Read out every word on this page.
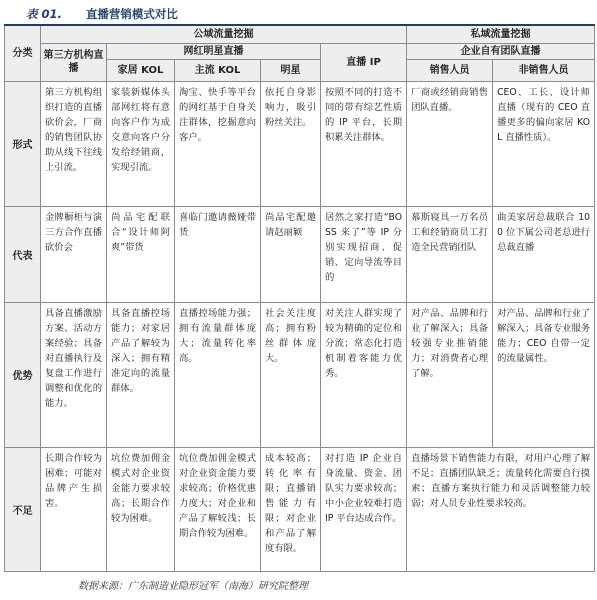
表 01. 直播营销模式对比
分类	公域流量挖掘					私域流量挖掘	
	第三方机构直播	网红明星直播			直播 IP	企业自有团队直播	
		家居 KOL	主流 KOL	明星		销售人员	非销售人员
形式	第三方机构组织打造的直播砍价会，厂商的销售团队协助从线下往线上引流。	家装新媒体头部网红将有意向客户作为成交意向客户分发给经销商，实现引流。	淘宝、快手等平台的网红基于自身关注群体，挖掘意向客户。	依托自身影响力，吸引粉丝关注。	按照不同的打造不同的带有综艺性质的 IP 平台，长期积累关注群体。	厂商或经销商销售团队直播。	CEO、工长、设计师直播（现有的 CEO 直播更多的偏向家居 KOL 直播性质）。
代表	金牌橱柜与演三方合作直播砍价会	尚品宅配联合“设计师阿爽”带货	喜临门邀请薇娅带货	尚品宅配邀请赵丽颖	居然之家打造“BOSS 来了”等 IP 分别实现招商、促销、定向导流等目的	慕斯寝具一万名员工和经销商员工打造全民营销团队	曲美家居总裁联合 100 位下属公司老总进行总裁直播
优势	具备直播激励方案、活动方案经验；具备对直播执行及复盘工作进行调整和优化的能力。	具备直播控场能力；对家居产品了解较为深入；拥有精准定向的流量群体。	直播控场能力强；拥有流量群体庞大；流量转化率高。	社会关注度高；拥有粉丝群体庞大。	对关注人群实现了较为精确的定位和分流；常态化打造机制着客能力优秀。	对产品、品牌和行业了解深入；具备较强专业推销能力；对消费者心理了解。	对产品、品牌和行业了解深入；具备专业服务能力；CEO 自带一定的流量属性。
不足	长期合作较为困难；可能对品牌产生损害。	坑位费加佣金模式对企业资金能力要求较高；长期合作较为困难。	坑位费加佣金模式对企业资金能力要求较高；价格优惠力度大；对企业和产品了解较浅；长期合作较为困难。	成本较高；转化率有限；直播销售能力有限；对企业和产品了解度有限。	对打造 IP 企业自身流量、资金、团队实力要求较高；中小企业较难打造 IP 平台达成合作。	直播场景下销售能力有限，对用户心理了解不足；直播团队缺乏；流量转化需要自行摸索；直播方案执行能力和灵活调整能力较弱；对人员专业性要求较高。	
数据来源：广东制造业隐形冠军（南海）研究院整理
